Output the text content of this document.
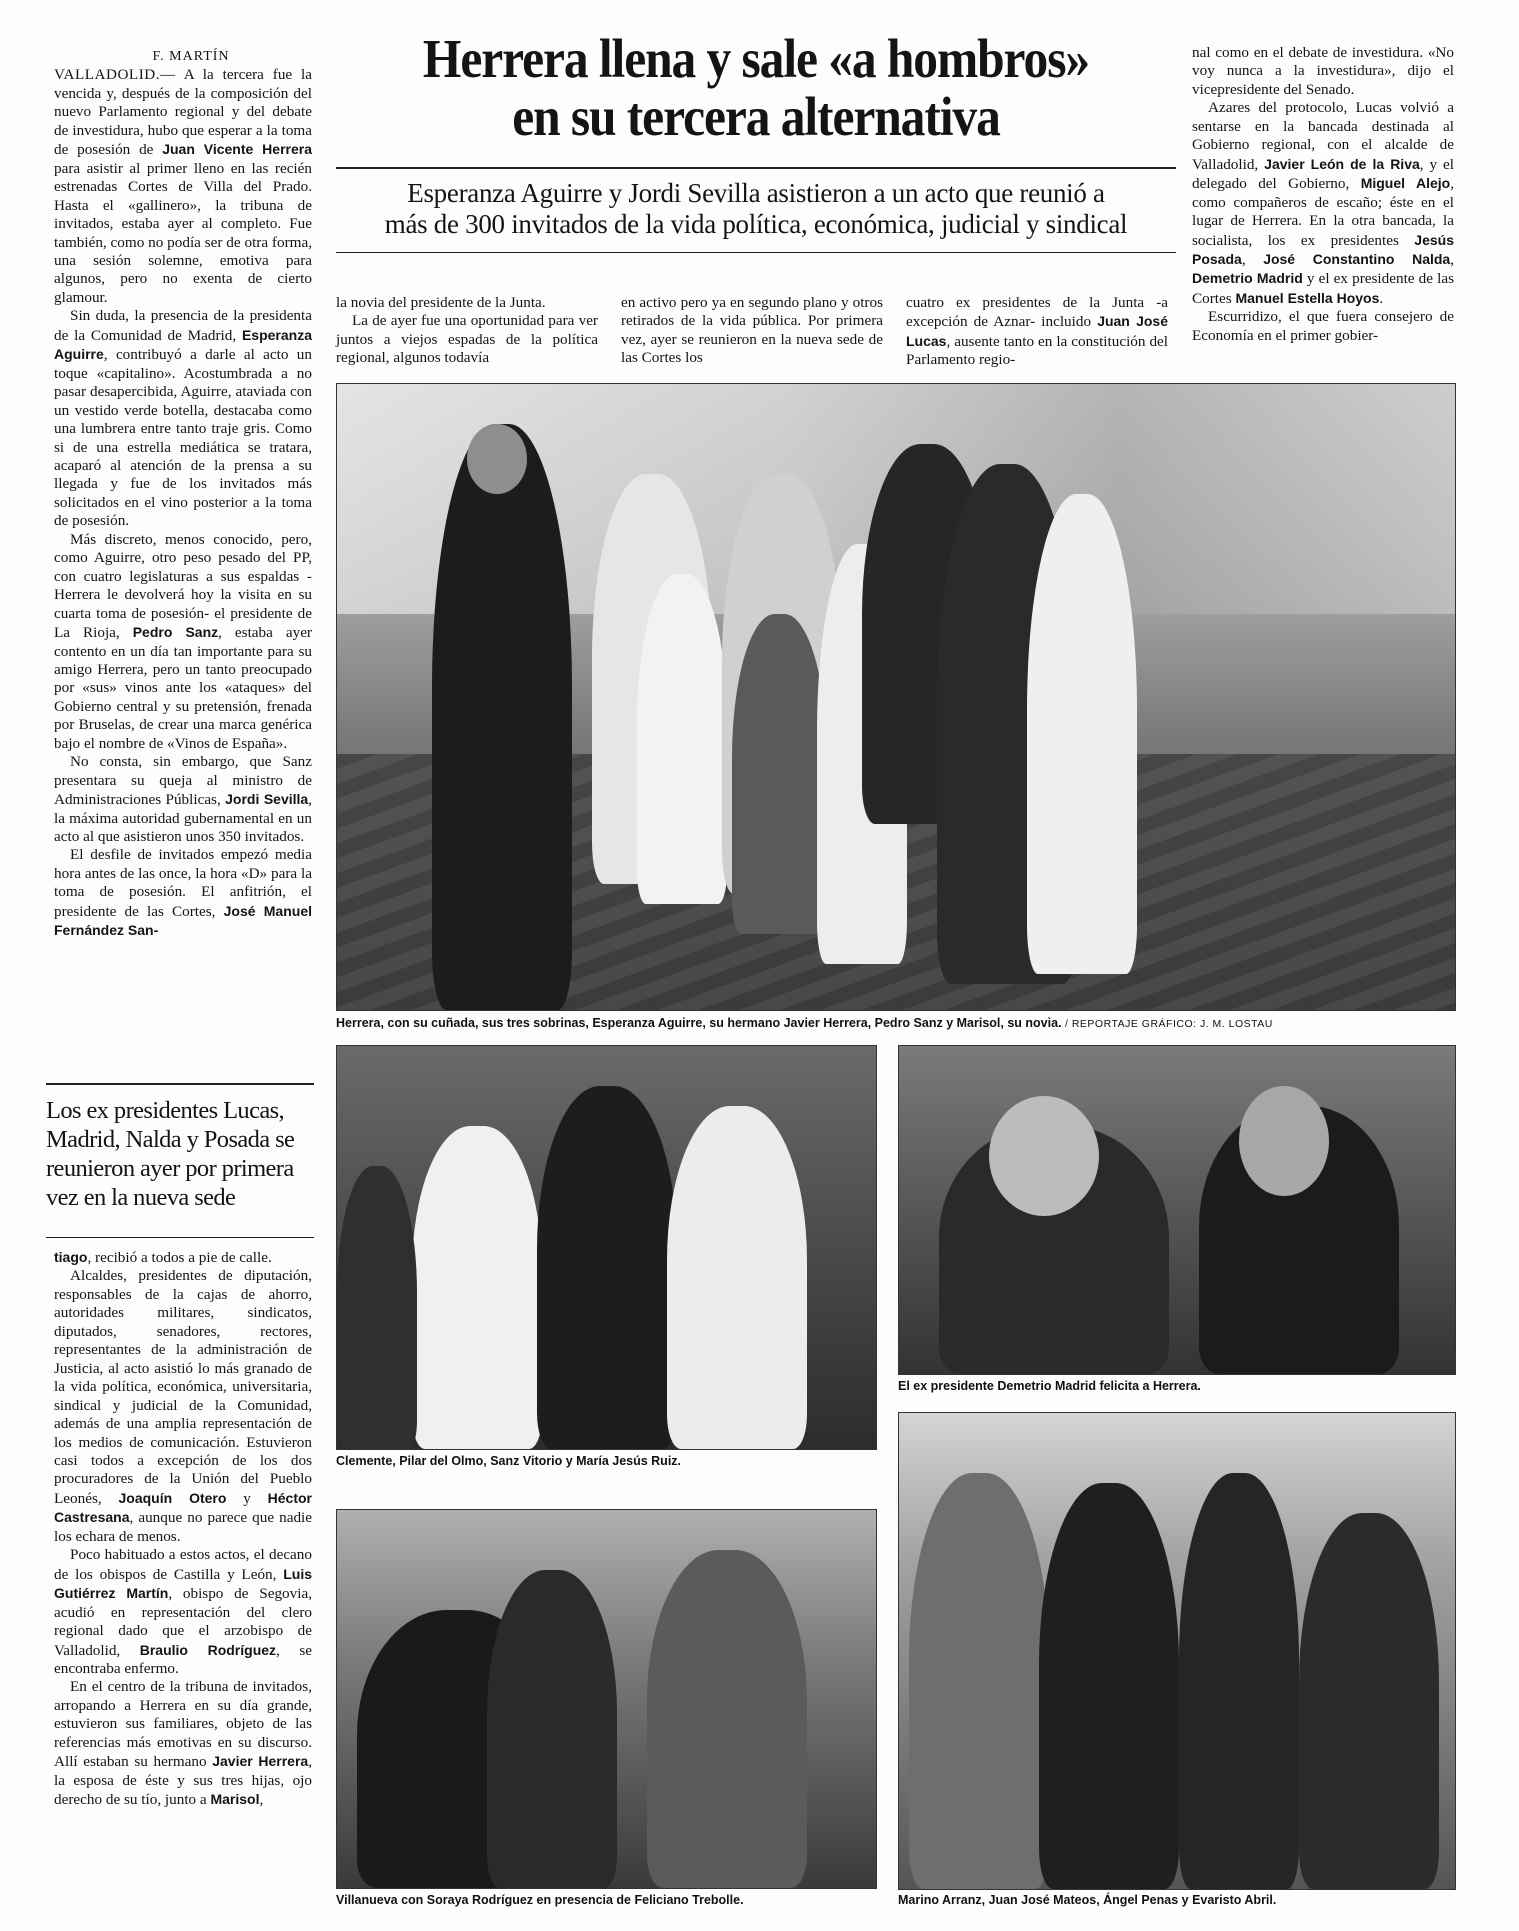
Herrera llena y sale «a hombros»
en su tercera alternativa

Esperanza Aguirre y Jordi Sevilla asistieron a un acto que reunió a
más de 300 invitados de la vida política, económica, judicial y sindical

F. MARTÍN

VALLADOLID.— A la tercera fue la vencida y, después de la composición del nuevo Parlamento regional y del debate de investidura, hubo que esperar a la toma de posesión de Juan Vicente Herrera para asistir al primer lleno en las recién estrenadas Cortes de Villa del Prado. Hasta el «gallinero», la tribuna de invitados, estaba ayer al completo. Fue también, como no podía ser de otra forma, una sesión solemne, emotiva para algunos, pero no exenta de cierto glamour.

Sin duda, la presencia de la presidenta de la Comunidad de Madrid, Esperanza Aguirre, contribuyó a darle al acto un toque «capitalino». Acostumbrada a no pasar desapercibida, Aguirre, ataviada con un vestido verde botella, destacaba como una lumbrera entre tanto traje gris. Como si de una estrella mediática se tratara, acaparó al atención de la prensa a su llegada y fue de los invitados más solicitados en el vino posterior a la toma de posesión.

Más discreto, menos conocido, pero, como Aguirre, otro peso pesado del PP, con cuatro legislaturas a sus espaldas -Herrera le devolverá hoy la visita en su cuarta toma de posesión- el presidente de La Rioja, Pedro Sanz, estaba ayer contento en un día tan importante para su amigo Herrera, pero un tanto preocupado por «sus» vinos ante los «ataques» del Gobierno central y su pretensión, frenada por Bruselas, de crear una marca genérica bajo el nombre de «Vinos de España».

No consta, sin embargo, que Sanz presentara su queja al ministro de Administraciones Públicas, Jordi Sevilla, la máxima autoridad gubernamental en un acto al que asistieron unos 350 invitados.

El desfile de invitados empezó media hora antes de las once, la hora «D» para la toma de posesión. El anfitrión, el presidente de las Cortes, José Manuel Fernández San-

Los ex presidentes Lucas, Madrid, Nalda y Posada se reunieron ayer por primera vez en la nueva sede

tiago, recibió a todos a pie de calle.

Alcaldes, presidentes de diputación, responsables de la cajas de ahorro, autoridades militares, sindicatos, diputados, senadores, rectores, representantes de la administración de Justicia, al acto asistió lo más granado de la vida política, económica, universitaria, sindical y judicial de la Comunidad, además de una amplia representación de los medios de comunicación. Estuvieron casi todos a excepción de los dos procuradores de la Unión del Pueblo Leonés, Joaquín Otero y Héctor Castresana, aunque no parece que nadie los echara de menos.

Poco habituado a estos actos, el decano de los obispos de Castilla y León, Luis Gutiérrez Martín, obispo de Segovia, acudió en representación del clero regional dado que el arzobispo de Valladolid, Braulio Rodríguez, se encontraba enfermo.

En el centro de la tribuna de invitados, arropando a Herrera en su día grande, estuvieron sus familiares, objeto de las referencias más emotivas en su discurso. Allí estaban su hermano Javier Herrera, la esposa de éste y sus tres hijas, ojo derecho de su tío, junto a Marisol,

la novia del presidente de la Junta.

La de ayer fue una oportunidad para ver juntos a viejos espadas de la política regional, algunos todavía

en activo pero ya en segundo plano y otros retirados de la vida pública. Por primera vez, ayer se reunieron en la nueva sede de las Cortes los

cuatro ex presidentes de la Junta -a excepción de Aznar- incluido Juan José Lucas, ausente tanto en la constitución del Parlamento regio-

nal como en el debate de investidura. «No voy nunca a la investidura», dijo el vicepresidente del Senado.

Azares del protocolo, Lucas volvió a sentarse en la bancada destinada al Gobierno regional, con el alcalde de Valladolid, Javier León de la Riva, y el delegado del Gobierno, Miguel Alejo, como compañeros de escaño; éste en el lugar de Herrera. En la otra bancada, la socialista, los ex presidentes Jesús Posada, José Constantino Nalda, Demetrio Madrid y el ex presidente de las Cortes Manuel Estella Hoyos.

Escurridizo, el que fuera consejero de Economía en el primer gobier-

Herrera, con su cuñada, sus tres sobrinas, Esperanza Aguirre, su hermano Javier Herrera, Pedro Sanz y Marisol, su novia. / REPORTAJE GRÁFICO: J. M. LOSTAU

Clemente, Pilar del Olmo, Sanz Vitorio y María Jesús Ruiz.

El ex presidente Demetrio Madrid felicita a Herrera.

Villanueva con Soraya Rodríguez en presencia de Feliciano Trebolle.	Marino Arranz, Juan José Mateos, Ángel Penas y Evaristo Abril.
